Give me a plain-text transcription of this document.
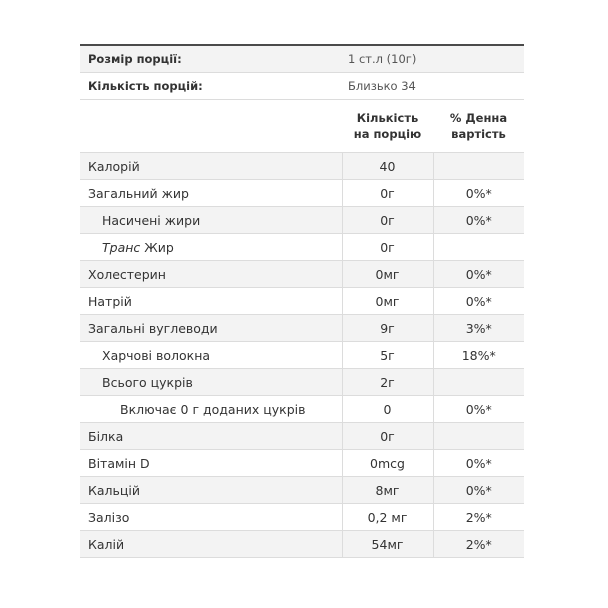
Розмір порції:	1 ст.л (10г)	
Кількість порцій:	Близько 34	
	Кількість на порцію	% Денна вартість
Калорій	40	
Загальний жир	0г	0%*
Насичені жири	0г	0%*
Транс Жир	0г	
Холестерин	0мг	0%*
Натрій	0мг	0%*
Загальні вуглеводи	9г	3%*
Харчові волокна	5г	18%*
Всього цукрів	2г	
Включає 0 г доданих цукрів	0	0%*
Білка	0г	
Вітамін D	0mcg	0%*
Кальцій	8мг	0%*
Залізо	0,2 мг	2%*
Калій	54мг	2%*
